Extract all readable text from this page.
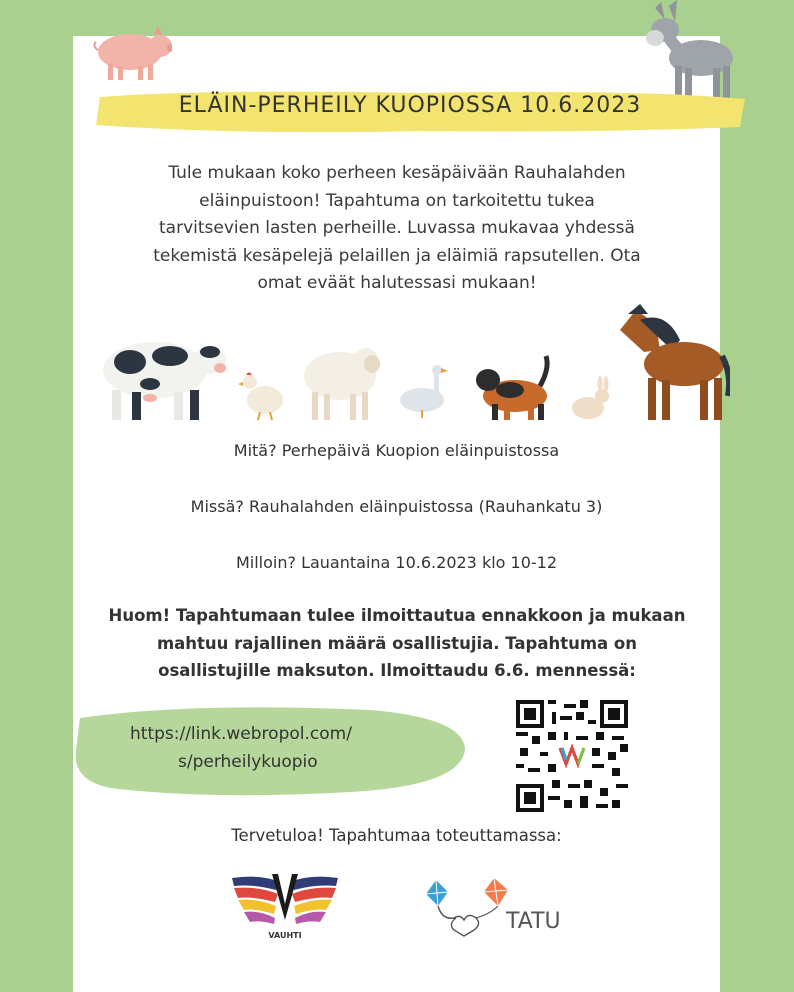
ELÄIN-PERHEILY KUOPIOSSA 10.6.2023
Tule mukaan koko perheen kesäpäivään Rauhalahden
eläinpuistoon! Tapahtuma on tarkoitettu tukea
tarvitsevien lasten perheille. Luvassa mukavaa yhdessä
tekemistä kesäpelejä pelaillen ja eläimiä rapsutellen. Ota
omat eväät halutessasi mukaan!
Mitä? Perhepäivä Kuopion eläinpuistossa
Missä? Rauhalahden eläinpuistossa (Rauhankatu 3)
Milloin? Lauantaina 10.6.2023 klo 10-12
Huom! Tapahtumaan tulee ilmoittautua ennakkoon ja mukaan
mahtuu rajallinen määrä osallistujia. Tapahtuma on
osallistujille maksuton. Ilmoittaudu 6.6. mennessä:
https://link.webropol.com/
s/perheilykuopio
Tervetuloa! Tapahtumaa toteuttamassa:
VAUHTI
TATU
